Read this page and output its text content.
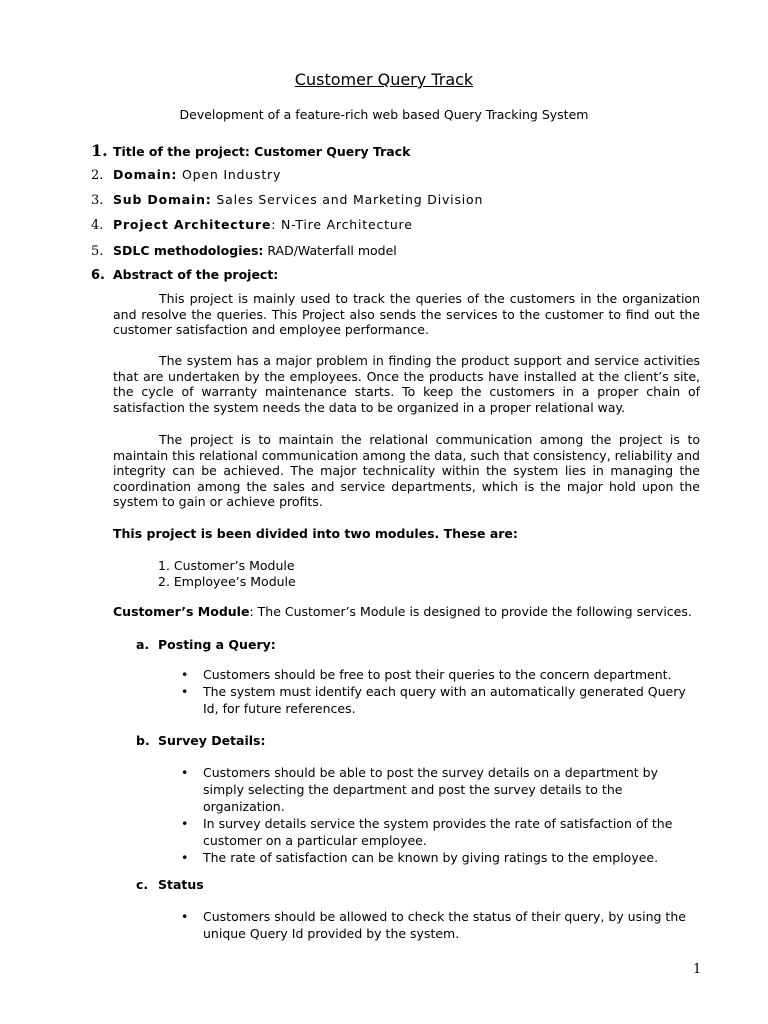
Customer Query Track
Development of a feature-rich web based Query Tracking System
1. Title of the project: Customer Query Track
2. Domain: Open Industry
3. Sub Domain: Sales Services and Marketing Division
4. Project Architecture: N-Tire Architecture
5. SDLC methodologies: RAD/Waterfall model
6. Abstract of the project:

This project is mainly used to track the queries of the customers in the organization and resolve the queries. This Project also sends the services to the customer to find out the customer satisfaction and employee performance.

The system has a major problem in finding the product support and service activities that are undertaken by the employees. Once the products have installed at the client’s site, the cycle of warranty maintenance starts. To keep the customers in a proper chain of satisfaction the system needs the data to be organized in a proper relational way.

The project is to maintain the relational communication among the project is to maintain this relational communication among the data, such that consistency, reliability and integrity can be achieved. The major technicality within the system lies in managing the coordination among the sales and service departments, which is the major hold upon the system to gain or achieve profits.

This project is been divided into two modules. These are:
1. Customer’s Module
2. Employee’s Module
Customer’s Module: The Customer’s Module is designed to provide the following services.
a. Posting a Query:
• Customers should be free to post their queries to the concern department.
• The system must identify each query with an automatically generated Query Id, for future references.
b. Survey Details:
• Customers should be able to post the survey details on a department by simply selecting the department and post the survey details to the organization.
• In survey details service the system provides the rate of satisfaction of the customer on a particular employee.
• The rate of satisfaction can be known by giving ratings to the employee.
c. Status
• Customers should be allowed to check the status of their query, by using the unique Query Id provided by the system.
1
